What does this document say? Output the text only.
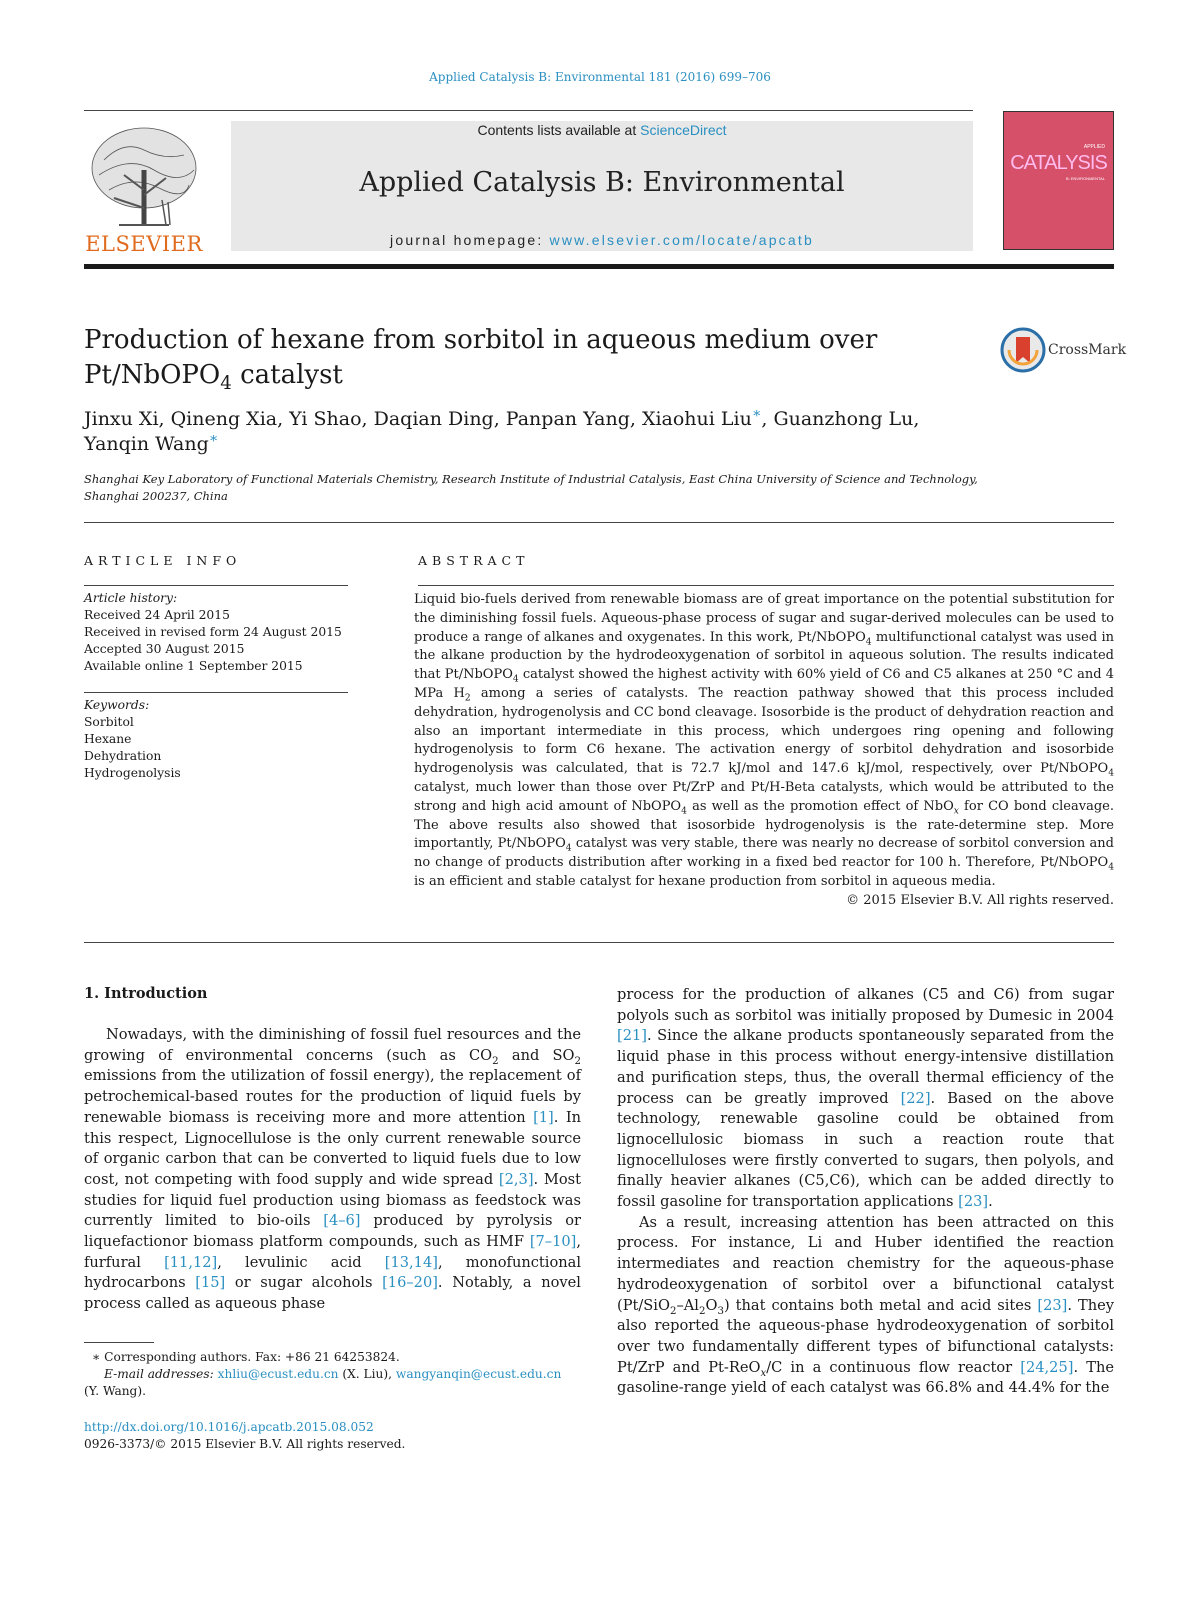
Applied Catalysis B: Environmental 181 (2016) 699–706
ELSEVIER
Contents lists available at ScienceDirect
Applied Catalysis B: Environmental
journal homepage: www.elsevier.com/locate/apcatb
APPLIED
CATALYSIS
B: ENVIRONMENTAL
Production of hexane from sorbitol in aqueous medium over
Pt/NbOPO$_4$ catalyst
CrossMark
Jinxu Xi, Qineng Xia, Yi Shao, Daqian Ding, Panpan Yang, Xiaohui Liu∗, Guanzhong Lu,
Yanqin Wang∗
Shanghai Key Laboratory of Functional Materials Chemistry, Research Institute of Industrial Catalysis, East China University of Science and Technology,
Shanghai 200237, China
ARTICLE INFO	ABSTRACT
Article history:
Received 24 April 2015
Received in revised form 24 August 2015
Accepted 30 August 2015
Available online 1 September 2015
Keywords:
Sorbitol
Hexane
Dehydration
Hydrogenolysis
Liquid bio-fuels derived from renewable biomass are of great importance on the potential substitution for the diminishing fossil fuels. Aqueous-phase process of sugar and sugar-derived molecules can be used to produce a range of alkanes and oxygenates. In this work, Pt/NbOPO$_4$ multifunctional catalyst was used in the alkane production by the hydrodeoxygenation of sorbitol in aqueous solution. The results indicated that Pt/NbOPO$_4$ catalyst showed the highest activity with 60% yield of C6 and C5 alkanes at 250 °C and 4 MPa $H_2$ among a series of catalysts. The reaction pathway showed that this process included dehydration, hydrogenolysis and CC bond cleavage. Isosorbide is the product of dehydration reaction and also an important intermediate in this process, which undergoes ring opening and following hydrogenolysis to form C6 hexane. The activation energy of sorbitol dehydration and isosorbide hydrogenolysis was calculated, that is 72.7 kJ/mol and 147.6 kJ/mol, respectively, over Pt/NbOPO$_4$ catalyst, much lower than those over Pt/ZrP and Pt/H-Beta catalysts, which would be attributed to the strong and high acid amount of NbOPO$_4$ as well as the promotion effect of NbO$_x$ for CO bond cleavage. The above results also showed that isosorbide hydrogenolysis is the rate-determine step. More importantly, Pt/NbOPO$_4$ catalyst was very stable, there was nearly no decrease of sorbitol conversion and no change of products distribution after working in a fixed bed reactor for 100 h. Therefore, Pt/NbOPO$_4$ is an efficient and stable catalyst for hexane production from sorbitol in aqueous media.
© 2015 Elsevier B.V. All rights reserved.
1. Introduction

Nowadays, with the diminishing of fossil fuel resources and the growing of environmental concerns (such as $CO_2$ and $SO_2$ emissions from the utilization of fossil energy), the replacement of petrochemical-based routes for the production of liquid fuels by renewable biomass is receiving more and more attention [1]. In this respect, Lignocellulose is the only current renewable source of organic carbon that can be converted to liquid fuels due to low cost, not competing with food supply and wide spread [2,3]. Most studies for liquid fuel production using biomass as feedstock was currently limited to bio-oils [4–6] produced by pyrolysis or liquefactionor biomass platform compounds, such as HMF [7–10], furfural [11,12], levulinic acid [13,14], monofunctional hydrocarbons [15] or sugar alcohols [16–20]. Notably, a novel process called as aqueous phase

process for the production of alkanes (C5 and C6) from sugar polyols such as sorbitol was initially proposed by Dumesic in 2004 [21]. Since the alkane products spontaneously separated from the liquid phase in this process without energy-intensive distillation and purification steps, thus, the overall thermal efficiency of the process can be greatly improved [22]. Based on the above technology, renewable gasoline could be obtained from lignocellulosic biomass in such a reaction route that lignocelluloses were firstly converted to sugars, then polyols, and finally heavier alkanes (C5,C6), which can be added directly to fossil gasoline for transportation applications [23].

As a result, increasing attention has been attracted on this process. For instance, Li and Huber identified the reaction intermediates and reaction chemistry for the aqueous-phase hydrodeoxygenation of sorbitol over a bifunctional catalyst $(Pt/SiO_2-Al_2O_3)$ that contains both metal and acid sites [23]. They also reported the aqueous-phase hydrodeoxygenation of sorbitol over two fundamentally different types of bifunctional catalysts: Pt/ZrP and Pt-ReO$_x$/C in a continuous flow reactor [24,25]. The gasoline-range yield of each catalyst was 66.8% and 44.4% for the

∗ Corresponding authors. Fax: +86 21 64253824.
E-mail addresses: xhliu@ecust.edu.cn (X. Liu), wangyanqin@ecust.edu.cn
(Y. Wang).
http://dx.doi.org/10.1016/j.apcatb.2015.08.052
0926-3373/© 2015 Elsevier B.V. All rights reserved.
